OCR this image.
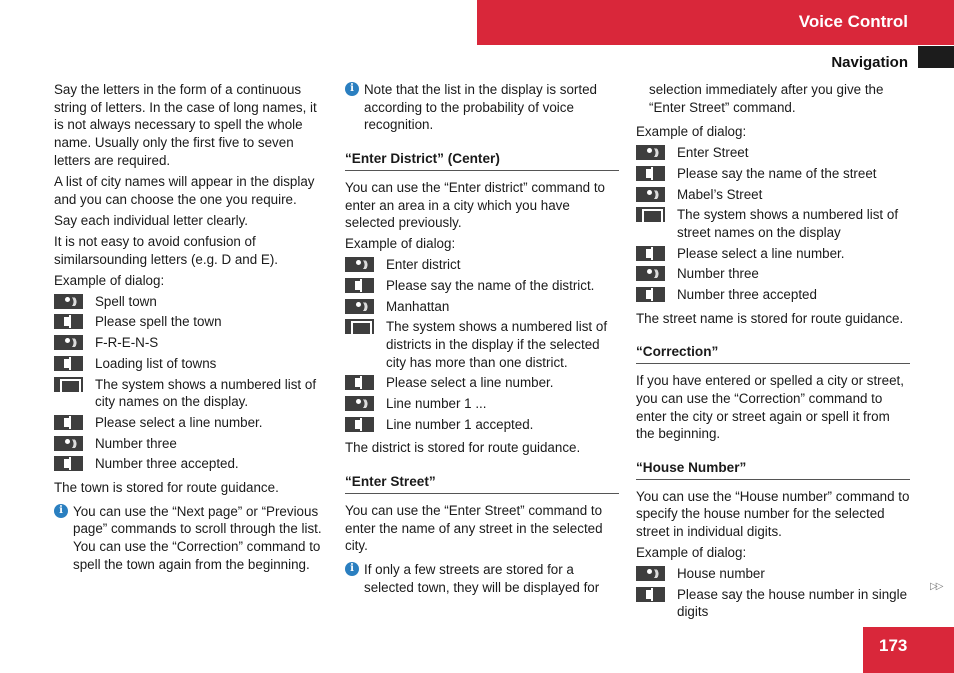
Voice Control
Navigation

Say the letters in the form of a continuous string of letters. In the case of long names, it is not always necessary to spell the whole name. Usually only the first five to seven letters are required.

A list of city names will appear in the display and you can choose the one you require.

Say each individual letter clearly.

It is not easy to avoid confusion of similarsounding letters (e.g. D and E).

Example of dialog:

)))
Spell town
Please spell the town
)))
F-R-E-N-S
Loading list of towns
The system shows a numbered list of city names on the display.
Please select a line number.
)))
Number three
Number three accepted.

The town is stored for route guidance.

i You can use the “Next page” or “Previous page” commands to scroll through the list. You can use the “Correction” command to spell the town again from the beginning.
i Note that the list in the display is sorted according to the probability of voice recognition.
“Enter District” (Center)

You can use the “Enter district” command to enter an area in a city which you have selected previously.

Example of dialog:

)))
Enter district
Please say the name of the district.
)))
Manhattan
The system shows a numbered list of districts in the display if the selected city has more than one district.
Please select a line number.
)))
Line number 1 ...
Line number 1 accepted.

The district is stored for route guidance.

“Enter Street”

You can use the “Enter Street” command to enter the name of any street in the selected city.

i If only a few streets are stored for a selected town, they will be displayed for

selection immediately after you give the “Enter Street” command.

Example of dialog:

)))
Enter Street
Please say the name of the street
)))
Mabel’s Street
The system shows a numbered list of street names on the display
Please select a line number.
)))
Number three
Number three accepted

The street name is stored for route guidance.

“Correction”

If you have entered or spelled a city or street, you can use the “Correction” command to enter the city or street again or spell it from the beginning.

“House Number”

You can use the “House number” command to specify the house number for the selected street in individual digits.

Example of dialog:

)))
House number
Please say the house number in single digits
▷▷
173
